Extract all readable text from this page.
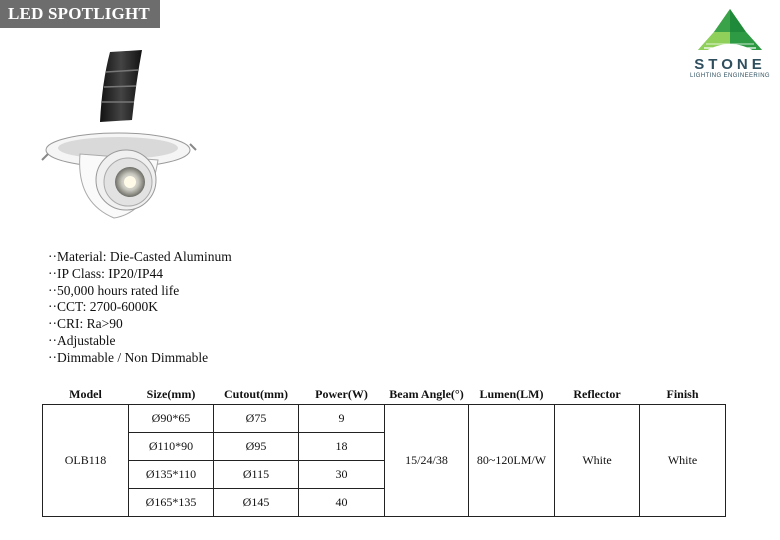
LED SPOTLIGHT
STONE
LIGHTING ENGINEERING
··Material: Die-Casted Aluminum
··IP Class: IP20/IP44
··50,000 hours rated life
··CCT: 2700-6000K
··CRI: Ra>90
··Adjustable
··Dimmable / Non Dimmable
Model	Size(mm)	Cutout(mm)	Power(W)	Beam Angle(°)	Lumen(LM)	Reflector	Finish
OLB118	Ø90*65	Ø75	9	15/24/38	80~120LM/W	White	White
	Ø110*90	Ø95	18				
	Ø135*110	Ø115	30				
	Ø165*135	Ø145	40				
